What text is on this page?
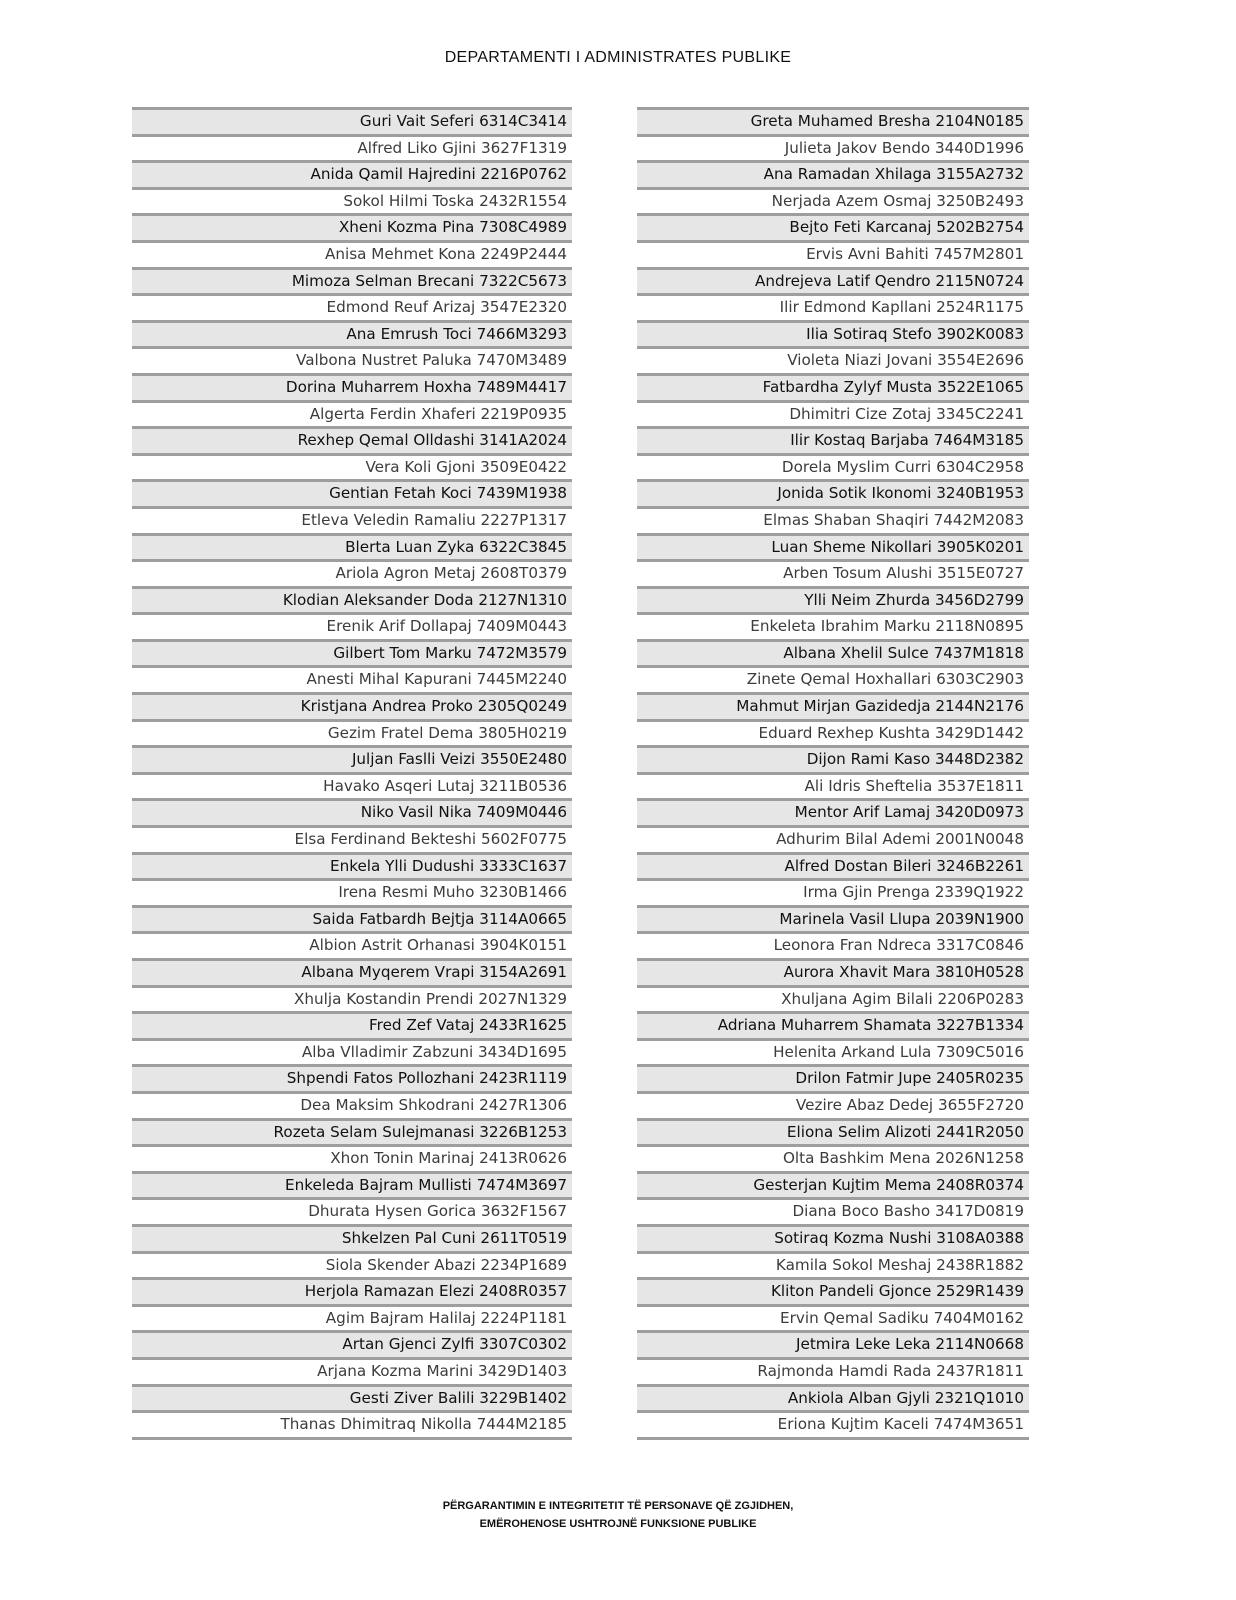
DEPARTAMENTI I ADMINISTRATES PUBLIKE
Guri Vait Seferi 6314C3414
Alfred Liko Gjini 3627F1319
Anida Qamil Hajredini 2216P0762
Sokol Hilmi Toska 2432R1554
Xheni Kozma Pina 7308C4989
Anisa Mehmet Kona 2249P2444
Mimoza Selman Brecani 7322C5673
Edmond Reuf Arizaj 3547E2320
Ana Emrush Toci 7466M3293
Valbona Nustret Paluka 7470M3489
Dorina Muharrem Hoxha 7489M4417
Algerta Ferdin Xhaferi 2219P0935
Rexhep Qemal Olldashi 3141A2024
Vera Koli Gjoni 3509E0422
Gentian Fetah Koci 7439M1938
Etleva Veledin Ramaliu 2227P1317
Blerta Luan Zyka 6322C3845
Ariola Agron Metaj 2608T0379
Klodian Aleksander Doda 2127N1310
Erenik Arif Dollapaj 7409M0443
Gilbert Tom Marku 7472M3579
Anesti Mihal Kapurani 7445M2240
Kristjana Andrea Proko 2305Q0249
Gezim Fratel Dema 3805H0219
Juljan Faslli Veizi 3550E2480
Havako Asqeri Lutaj 3211B0536
Niko Vasil Nika 7409M0446
Elsa Ferdinand Bekteshi 5602F0775
Enkela Ylli Dudushi 3333C1637
Irena Resmi Muho 3230B1466
Saida Fatbardh Bejtja 3114A0665
Albion Astrit Orhanasi 3904K0151
Albana Myqerem Vrapi 3154A2691
Xhulja Kostandin Prendi 2027N1329
Fred Zef Vataj 2433R1625
Alba Vlladimir Zabzuni 3434D1695
Shpendi Fatos Pollozhani 2423R1119
Dea Maksim Shkodrani 2427R1306
Rozeta Selam Sulejmanasi 3226B1253
Xhon Tonin Marinaj 2413R0626
Enkeleda Bajram Mullisti 7474M3697
Dhurata Hysen Gorica 3632F1567
Shkelzen Pal Cuni 2611T0519
Siola Skender Abazi 2234P1689
Herjola Ramazan Elezi 2408R0357
Agim Bajram Halilaj 2224P1181
Artan Gjenci Zylfi 3307C0302
Arjana Kozma Marini 3429D1403
Gesti Ziver Balili 3229B1402
Thanas Dhimitraq Nikolla 7444M2185
Greta Muhamed Bresha 2104N0185
Julieta Jakov Bendo 3440D1996
Ana Ramadan Xhilaga 3155A2732
Nerjada Azem Osmaj 3250B2493
Bejto Feti Karcanaj 5202B2754
Ervis Avni Bahiti 7457M2801
Andrejeva Latif Qendro 2115N0724
Ilir Edmond Kapllani 2524R1175
Ilia Sotiraq Stefo 3902K0083
Violeta Niazi Jovani 3554E2696
Fatbardha Zylyf Musta 3522E1065
Dhimitri Cize Zotaj 3345C2241
Ilir Kostaq Barjaba 7464M3185
Dorela Myslim Curri 6304C2958
Jonida Sotik Ikonomi 3240B1953
Elmas Shaban Shaqiri 7442M2083
Luan Sheme Nikollari 3905K0201
Arben Tosum Alushi 3515E0727
Ylli Neim Zhurda 3456D2799
Enkeleta Ibrahim Marku 2118N0895
Albana Xhelil Sulce 7437M1818
Zinete Qemal Hoxhallari 6303C2903
Mahmut Mirjan Gazidedja 2144N2176
Eduard Rexhep Kushta 3429D1442
Dijon Rami Kaso 3448D2382
Ali Idris Sheftelia 3537E1811
Mentor Arif Lamaj 3420D0973
Adhurim Bilal Ademi 2001N0048
Alfred Dostan Bileri 3246B2261
Irma Gjin Prenga 2339Q1922
Marinela Vasil Llupa 2039N1900
Leonora Fran Ndreca 3317C0846
Aurora Xhavit Mara 3810H0528
Xhuljana Agim Bilali 2206P0283
Adriana Muharrem Shamata 3227B1334
Helenita Arkand Lula 7309C5016
Drilon Fatmir Jupe 2405R0235
Vezire Abaz Dedej 3655F2720
Eliona Selim Alizoti 2441R2050
Olta Bashkim Mena 2026N1258
Gesterjan Kujtim Mema 2408R0374
Diana Boco Basho 3417D0819
Sotiraq Kozma Nushi 3108A0388
Kamila Sokol Meshaj 2438R1882
Kliton Pandeli Gjonce 2529R1439
Ervin Qemal Sadiku 7404M0162
Jetmira Leke Leka 2114N0668
Rajmonda Hamdi Rada 2437R1811
Ankiola Alban Gjyli 2321Q1010
Eriona Kujtim Kaceli 7474M3651
PËRGARANTIMIN E INTEGRITETIT TË PERSONAVE QË ZGJIDHEN,
EMËROHENOSE USHTROJNË FUNKSIONE PUBLIKE
